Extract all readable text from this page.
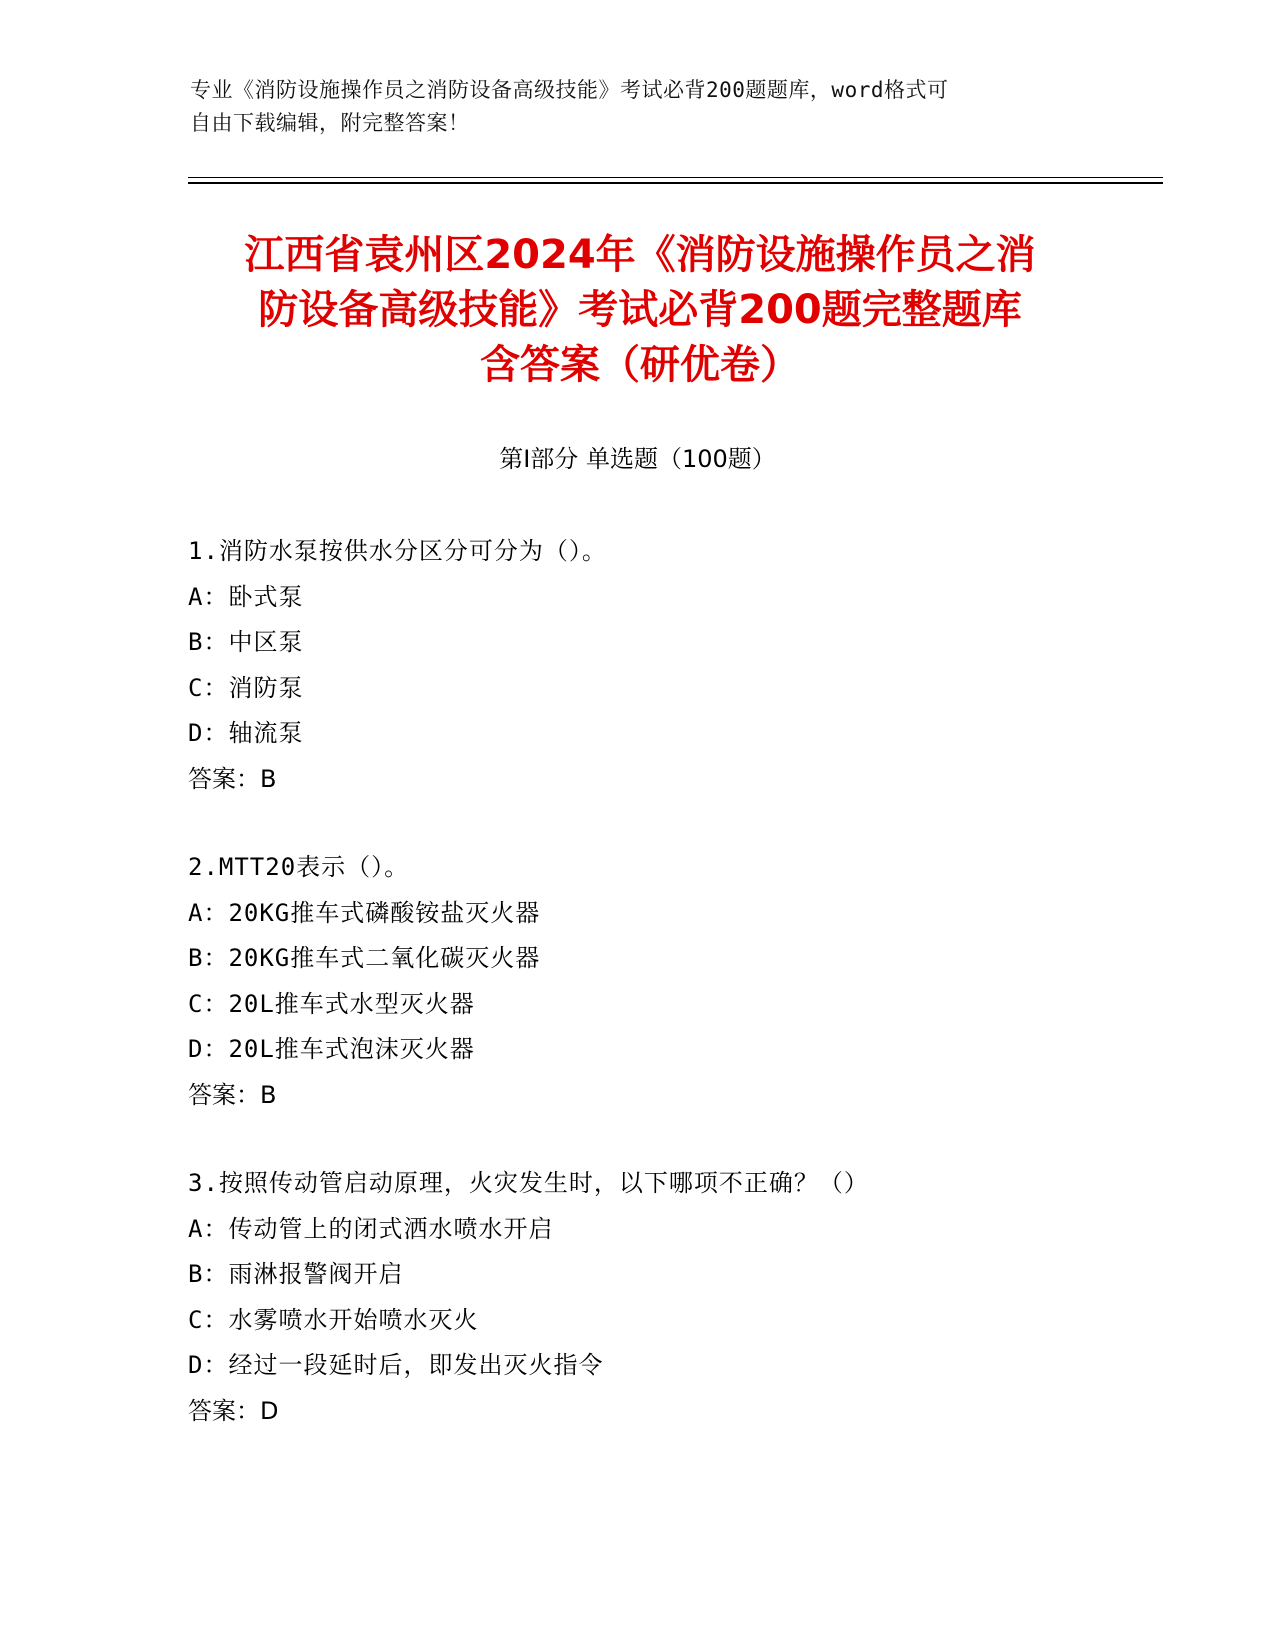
专业《消防设施操作员之消防设备高级技能》考试必背200题题库，word格式可
自由下载编辑，附完整答案！
江西省袁州区2024年《消防设施操作员之消
防设备高级技能》考试必背200题完整题库
含答案（研优卷）
第I部分 单选题（100题）
1.消防水泵按供水分区分可分为（）。
A：卧式泵
B：中区泵
C：消防泵
D：轴流泵
答案：B
2.MTT20表示（）。
A：20KG推车式磷酸铵盐灭火器
B：20KG推车式二氧化碳灭火器
C：20L推车式水型灭火器
D：20L推车式泡沫灭火器
答案：B
3.按照传动管启动原理，火灾发生时，以下哪项不正确？（）
A：传动管上的闭式洒水喷水开启
B：雨淋报警阀开启
C：水雾喷水开始喷水灭火
D：经过一段延时后，即发出灭火指令
答案：D
